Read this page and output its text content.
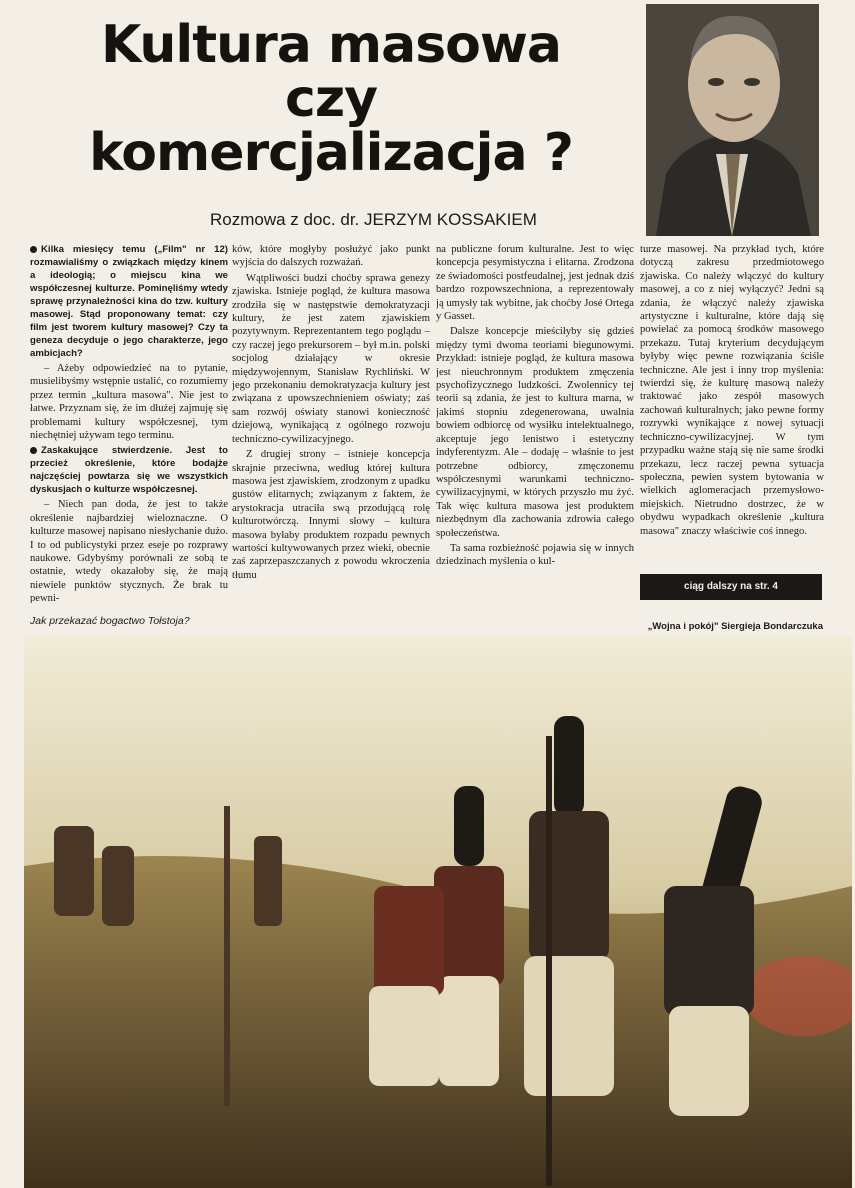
Kultura masowa
czy
komercjalizacja ?
Rozmowa z doc. dr. JERZYM KOSSAKIEM

Kilka miesięcy temu („Film" nr 12) rozmawialiśmy o związkach między kinem a ideologią; o miejscu kina we współczesnej kulturze. Pominęliśmy wtedy sprawę przynależności kina do tzw. kultury masowej. Stąd proponowany temat: czy film jest tworem kultury masowej? Czy ta geneza decyduje o jego charakterze, jego ambicjach?

– Ażeby odpowiedzieć na to pytanie, musielibyśmy wstępnie ustalić, co rozumiemy przez termin „kultura masowa". Nie jest to łatwe. Przyznam się, że im dłużej zajmuję się problemami kultury współczesnej, tym niechętniej używam tego terminu.

Zaskakujące stwierdzenie. Jest to przecież określenie, które bodajże najczęściej powtarza się we wszystkich dyskusjach o kulturze współczesnej.

– Niech pan doda, że jest to także określenie najbardziej wieloznaczne. O kulturze masowej napisano niesłychanie dużo. I to od publicystyki przez eseje po rozprawy naukowe. Gdybyśmy porównali ze sobą te ostatnie, wtedy okazałoby się, że mają niewiele punktów stycznych. Że brak tu pewni-

ków, które mogłyby posłużyć jako punkt wyjścia do dalszych rozważań.

Wątpliwości budzi choćby sprawa genezy zjawiska. Istnieje pogląd, że kultura masowa zrodziła się w następstwie demokratyzacji kultury, że jest zatem zjawiskiem pozytywnym. Reprezentantem tego poglądu – czy raczej jego prekursorem – był m.in. polski socjolog działający w okresie międzywojennym, Stanisław Rychliński. W jego przekonaniu demokratyzacja kultury jest związana z upowszechnieniem oświaty; zaś sam rozwój oświaty stanowi konieczność dziejową, wynikającą z ogólnego rozwoju techniczno-cywilizacyjnego.

Z drugiej strony – istnieje koncepcja skrajnie przeciwna, według której kultura masowa jest zjawiskiem, zrodzonym z upadku gustów elitarnych; związanym z faktem, że arystokracja utraciła swą przodującą rolę kulturotwórczą. Innymi słowy – kultura masowa byłaby produktem rozpadu pewnych wartości kultywowanych przez wieki, obecnie zaś zaprzepaszczanych z powodu wkroczenia tłumu

na publiczne forum kulturalne. Jest to więc koncepcja pesymistyczna i elitarna. Zrodzona ze świadomości postfeudalnej, jest jednak dziś bardzo rozpowszechniona, a reprezentowały ją umysły tak wybitne, jak choćby José Ortega y Gasset.

Dalsze koncepcje mieściłyby się gdzieś między tymi dwoma teoriami biegunowymi. Przykład: istnieje pogląd, że kultura masowa jest nieuchronnym produktem zmęczenia psychofizycznego ludzkości. Zwolennicy tej teorii są zdania, że jest to kultura marna, w jakimś stopniu zdegenerowana, uwalnia bowiem odbiorcę od wysiłku intelektualnego, akceptuje jego lenistwo i estetyczny indyferentyzm. Ale – dodaję – właśnie to jest potrzebne odbiorcy, zmęczonemu współczesnymi warunkami techniczno-cywilizacyjnymi, w których przyszło mu żyć. Tak więc kultura masowa jest produktem niezbędnym dla zachowania zdrowia całego społeczeństwa.

Ta sama rozbieżność pojawia się w innych dziedzinach myślenia o kul-

turze masowej. Na przykład tych, które dotyczą zakresu przedmiotowego zjawiska. Co należy włączyć do kultury masowej, a co z niej wyłączyć? Jedni są zdania, że włączyć należy zjawiska artystyczne i kulturalne, które dają się powielać za pomocą środków masowego przekazu. Tutaj kryterium decydującym byłyby więc pewne rozwiązania ściśle techniczne. Ale jest i inny trop myślenia: twierdzi się, że kulturę masową należy traktować jako zespół masowych zachowań kulturalnych; jako pewne formy rozrywki wynikające z nowej sytuacji techniczno-cywilizacyjnej. W tym przypadku ważne stają się nie same środki przekazu, lecz raczej pewna sytuacja społeczna, pewien system bytowania w wielkich aglomeracjach przemysłowo-miejskich. Nietrudno dostrzec, że w obydwu wypadkach określenie „kultura masowa" znaczy właściwie coś innego.

ciąg dalszy na str. 4
Jak przekazać bogactwo Tołstoja?	„Wojna i pokój" Siergieja Bondarczuka
